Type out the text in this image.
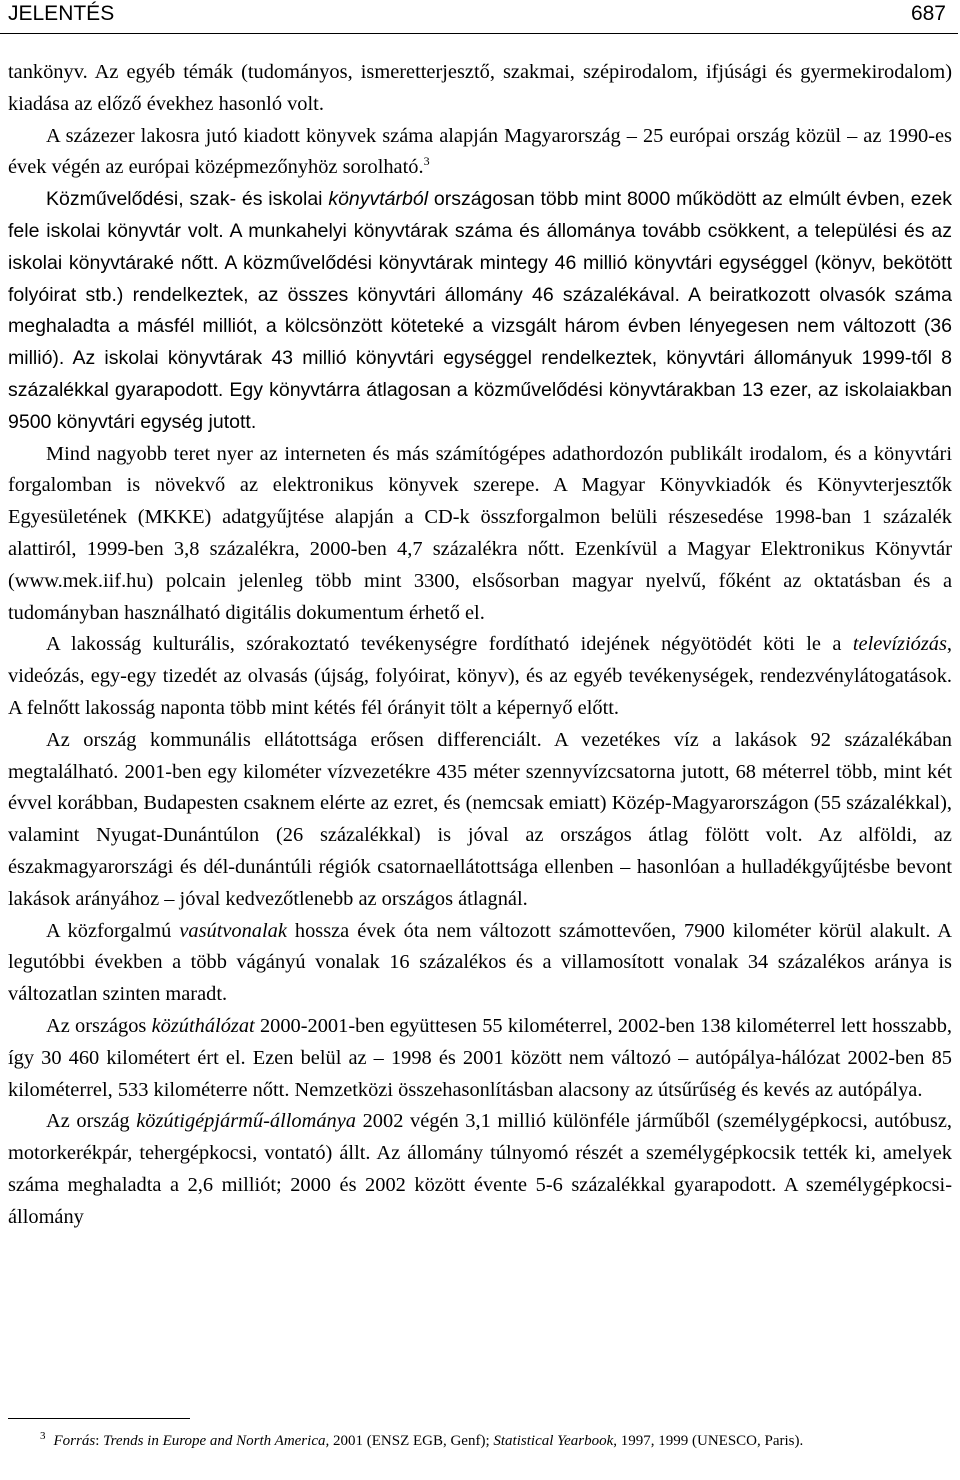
JELENTÉS	687

tankönyv. Az egyéb témák (tudományos, ismeretterjesztő, szakmai, szépirodalom, ifjúsági és gyermekirodalom) kiadása az előző évekhez hasonló volt.

A százezer lakosra jutó kiadott könyvek száma alapján Magyarország – 25 európai ország közül – az 1990-es évek végén az európai középmezőnyhöz sorolható.$^3$

Közművelődési, szak- és iskolai könyvtárból országosan több mint 8000 működött az elmúlt évben, ezek fele iskolai könyvtár volt. A munkahelyi könyvtárak száma és állománya tovább csökkent, a települési és az iskolai könyvtáraké nőtt. A közművelődési könyvtárak mintegy 46 millió könyvtári egységgel (könyv, bekötött folyóirat stb.) rendelkeztek, az összes könyvtári állomány 46 százalékával. A beiratkozott olvasók száma meghaladta a másfél milliót, a kölcsönzött köteteké a vizsgált három évben lényegesen nem változott (36 millió). Az iskolai könyvtárak 43 millió könyvtári egységgel rendelkeztek, könyvtári állományuk 1999-től 8 százalékkal gyarapodott. Egy könyvtárra átlagosan a közművelődési könyvtárakban 13 ezer, az iskolaiakban 9500 könyvtári egység jutott.

Mind nagyobb teret nyer az interneten és más számítógépes adathordozón publikált irodalom, és a könyvtári forgalomban is növekvő az elektronikus könyvek szerepe. A Magyar Könyvkiadók és Könyvterjesztők Egyesületének (MKKE) adatgyűjtése alapján a CD-k összforgalmon belüli részesedése 1998-ban 1 százalék alattiról, 1999-ben 3,8 százalékra, 2000-ben 4,7 százalékra nőtt. Ezenkívül a Magyar Elektronikus Könyvtár (www.mek.iif.hu) polcain jelenleg több mint 3300, elsősorban magyar nyelvű, főként az oktatásban és a tudományban használható digitális dokumentum érhető el.

A lakosság kulturális, szórakoztató tevékenységre fordítható idejének négyötödét köti le a televíziózás, videózás, egy-egy tizedét az olvasás (újság, folyóirat, könyv), és az egyéb tevékenységek, rendezvénylátogatások. A felnőtt lakosság naponta több mint kétés fél órányit tölt a képernyő előtt.

Az ország kommunális ellátottsága erősen differenciált. A vezetékes víz a lakások 92 százalékában megtalálható. 2001-ben egy kilométer vízvezetékre 435 méter szennyvízcsatorna jutott, 68 méterrel több, mint két évvel korábban, Budapesten csaknem elérte az ezret, és (nemcsak emiatt) Közép-Magyarországon (55 százalékkal), valamint Nyugat-Dunántúlon (26 százalékkal) is jóval az országos átlag fölött volt. Az alföldi, az északmagyarországi és dél-dunántúli régiók csatornaellátottsága ellenben – hasonlóan a hulladékgyűjtésbe bevont lakások arányához – jóval kedvezőtlenebb az országos átlagnál.

A közforgalmú vasútvonalak hossza évek óta nem változott számottevően, 7900 kilométer körül alakult. A legutóbbi években a több vágányú vonalak 16 százalékos és a villamosított vonalak 34 százalékos aránya is változatlan szinten maradt.

Az országos közúthálózat 2000-2001-ben együttesen 55 kilométerrel, 2002-ben 138 kilométerrel lett hosszabb, így 30 460 kilométert ért el. Ezen belül az – 1998 és 2001 között nem változó – autópálya-hálózat 2002-ben 85 kilométerrel, 533 kilométerre nőtt. Nemzetközi összehasonlításban alacsony az útsűrűség és kevés az autópálya.

Az ország közútigépjármű-állománya 2002 végén 3,1 millió különféle járműből (személygépkocsi, autóbusz, motorkerékpár, tehergépkocsi, vontató) állt. Az állomány túlnyomó részét a személygépkocsik tették ki, amelyek száma meghaladta a 2,6 milliót; 2000 és 2002 között évente 5-6 százalékkal gyarapodott. A személygépkocsi-állomány

$^3$ Forrás: Trends in Europe and North America, 2001 (ENSZ EGB, Genf); Statistical Yearbook, 1997, 1999 (UNESCO, Paris).
